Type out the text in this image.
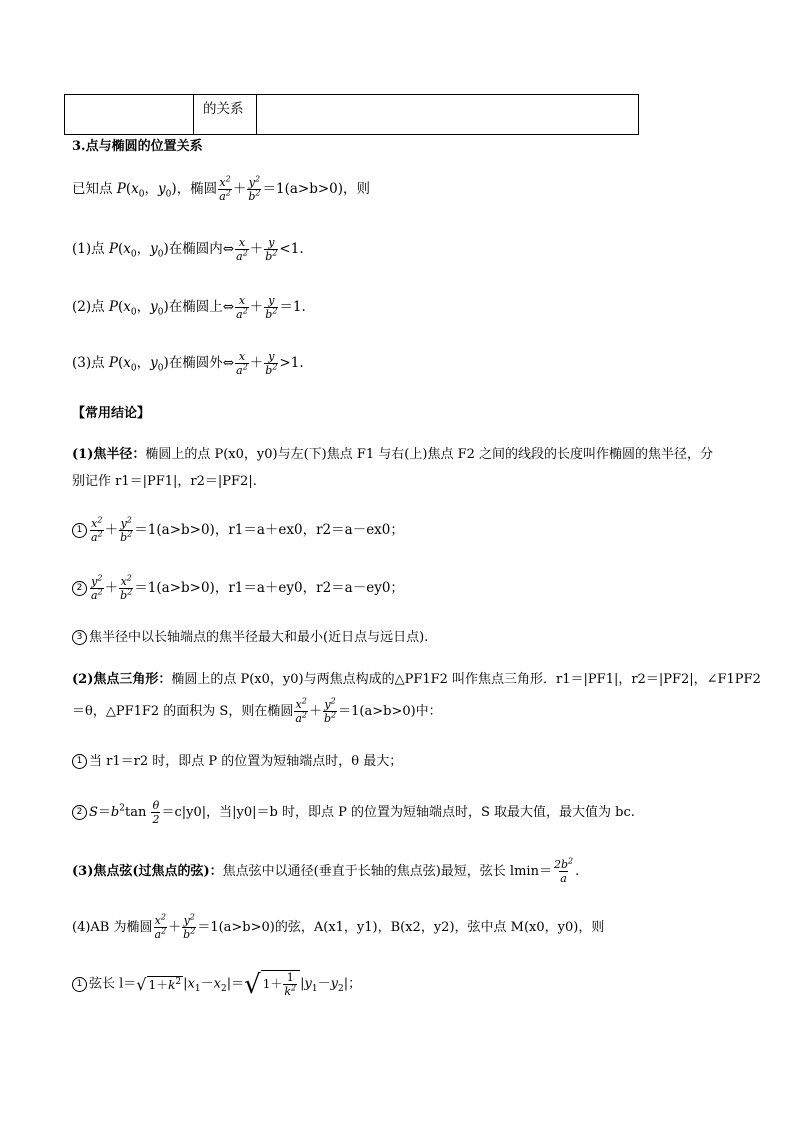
的关系
3.点与椭圆的位置关系
已知点 $P(x_0$，$y_0$)，椭圆 $\frac{x^2}{a^2} + \frac{y^2}{b^2} =1(a>b>0)$，则
(1)点 $P(x_0$，$y_0$)在椭圆内⇔ $\frac{x}{a^2} + \frac{y}{b^2} <1$.
(2)点 $P(x_0$，$y_0$)在椭圆上⇔ $\frac{x}{a^2} + \frac{y}{b^2} =1$.
(3)点 $P(x_0$，$y_0$)在椭圆外⇔ $\frac{x}{a^2} + \frac{y}{b^2} >1$.
【常用结论】
(1)焦半径：椭圆上的点 P(x0，y0)与左(下)焦点 F1 与右(上)焦点 F2 之间的线段的长度叫作椭圆的焦半径，分
别记作 r1＝|PF1|，r2＝|PF2|.
$1 \frac{x^2}{a^2} + \frac{y^2}{b^2} =1(a>b>0)$，r1＝a＋ex0，r2＝a－ex0；
$2 \frac{y^2}{a^2} + \frac{x^2}{b^2} =1(a>b>0)$，r1＝a＋ey0，r2＝a－ey0；
3 焦半径中以长轴端点的焦半径最大和最小(近日点与远日点).
(2)焦点三角形：椭圆上的点 P(x0，y0)与两焦点构成的△PF1F2 叫作焦点三角形．r1＝|PF1|，r2＝|PF2|，∠F1PF2
＝θ，△PF1F2 的面积为 S，则在椭圆 $\frac{x^2}{a^2} + \frac{y^2}{b^2} =1(a>b>0)$中：
1 当 r1＝r2 时，即点 P 的位置为短轴端点时，θ 最大；
2 $S=b^2\tan \frac{\theta}{2} =c|y0|$，当|y0|＝b 时，即点 P 的位置为短轴端点时，S 取最大值，最大值为 bc.
(3)焦点弦(过焦点的弦)：焦点弦中以通径(垂直于长轴的焦点弦)最短，弦长 $lmin= \frac{2b^2}{a}$ .
(4)AB 为椭圆 $\frac{x^2}{a^2} + \frac{y^2}{b^2} =1(a>b>0)$的弦，A(x1，y1)，B(x2，y2)，弦中点 M(x0，y0)，则
1 弦长 l＝ √ $1+k^2$ $|x_1-x_2|=$ √ $1+ \frac{1}{k^2} |y_1-y_2|$；
